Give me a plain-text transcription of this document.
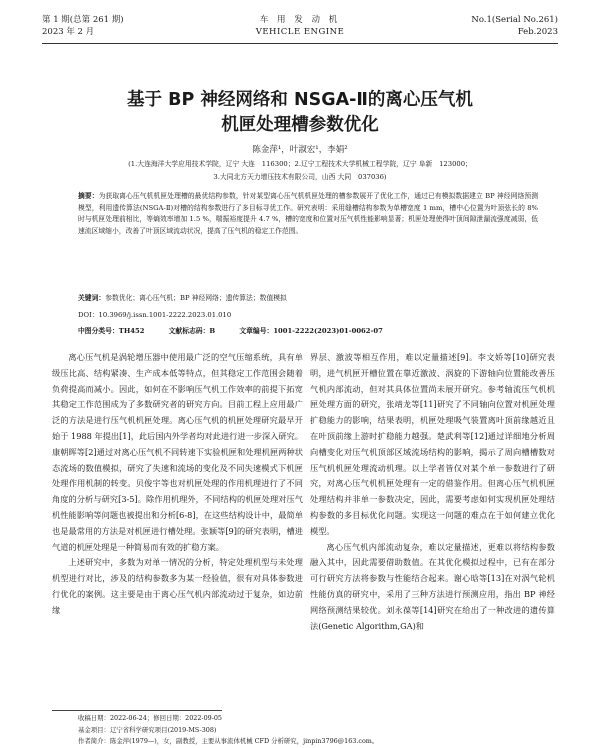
第 1 期(总第 261 期)
2023 年 2 月
车 用 发 动 机
VEHICLE ENGINE
No.1(Serial No.261)
Feb.2023
基于 BP 神经网络和 NSGA-Ⅱ的离心压气机
机匣处理槽参数优化
陈金萍¹，叶淑宏¹，李娟²
(1.大连海洋大学应用技术学院，辽宁 大连　116300；2.辽宁工程技术大学机械工程学院，辽宁 阜新　123000；
3.大同北方天力增压技术有限公司，山西 大同　037036)
摘要：为获取离心压气机机匣处理槽的最优结构参数，针对某型离心压气机机匣处理的槽参数展开了优化工作，通过已有模拟数据建立 BP 神经网络预测模型，利用遗传算法(NSGA-Ⅱ)对槽的结构参数进行了多目标寻优工作。研究表明：采用缝槽结构参数为单槽宽度 1 mm，槽中心位置为叶顶弦长的 8%时与机匣处理前相比，等熵效率增加 1.5 %，喘振裕度提升 4.7 %，槽的宽度和位置对压气机性能影响显著；机匣处理使得叶顶间隙泄漏流强度减弱，低速流区域缩小，改善了叶顶区域流动状况，提高了压气机的稳定工作范围。
关键词：参数优化；离心压气机；BP 神经网络；遗传算法；数值模拟
DOI：10.3969/j.issn.1001-2222.2023.01.010
中图分类号：TH452	文献标志码：B	文章编号：1001-2222(2023)01-0062-07

离心压气机是涡轮增压器中使用最广泛的空气压缩系统，具有单级压比高、结构紧凑、生产成本低等特点，但其稳定工作范围会随着负荷提高而减小。因此，如何在不影响压气机工作效率的前提下拓宽其稳定工作范围成为了多数研究者的研究方向。目前工程上应用最广泛的方法是进行压气机机匣处理。离心压气机的机匣处理研究最早开始于 1988 年提出[1]，此后国内外学者均对此进行进一步深入研究。康朝晖等[2]通过对离心压气机不同转速下实验机匣和处理机匣两种状态流场的数值模拟，研究了失速和流场的变化及不同失速模式下机匣处理作用机制的转变。贝俊宇等也对机匣处理的作用机理进行了不同角度的分析与研究[3-5]。除作用机理外，不同结构的机匣处理对压气机性能影响等问题也被提出和分析[6-8]，在这些结构设计中，最简单也是最常用的方法是对机匣进行槽处理。张颖等[9]的研究表明，槽进气道的机匣处理是一种简易而有效的扩稳方案。

上述研究中，多数为对单一情况的分析，特定处理机型与未处理机型进行对比，涉及的结构参数多为某一经验值，很有对具体参数进行优化的案例。这主要是由于离心压气机内部流动过于复杂，如边前缘

界层、激波等相互作用，难以定量描述[9]。李文娇等[10]研究表明，进气机匣开槽位置在靠近激波、涡旋的下游轴向位置能改善压气机内部流动，但对其具体位置尚未展开研究。参考轴流压气机机匣处理方面的研究，张靖龙等[11]研究了不同轴向位置对机匣处理扩稳能力的影响，结果表明，机匣处理吸气装置离叶顶前缘越近且在叶顶前缘上游时扩稳能力越强。楚武利等[12]通过详细地分析周向槽变化对压气机顶部区域流场结构的影响，揭示了周向槽槽数对压气机机匣处理流动机理。以上学者皆仅对某个单一参数进行了研究，对离心压气机机匣处理有一定的借鉴作用。但离心压气机机匣处理结构并非单一参数决定，因此，需要考虑如何实现机匣处理结构参数的多目标优化问题。实现这一问题的难点在于如何建立优化模型。

离心压气机内部流动复杂，难以定量描述，更难以将结构参数融入其中，因此需要借助数值。在其优化模拟过程中，已有在部分可行研究方法将参数与性能结合起来。谢心晗等[13]在对涡气轮机性能仿真的研究中，采用了三种方法进行预测应用，指出 BP 神经网络预测结果较优。刘永葆等[14]研究在给出了一种改进的遗传算法(Genetic Algorithm,GA)和

收稿日期：2022-06-24；修回日期：2022-09-05
基金项目：辽宁省科学研究项目(2019-MS-308)
作者简介：陈金萍(1979—)，女，副教授，主要从事流体机械 CFD 分析研究，jinpin3796@163.com。
